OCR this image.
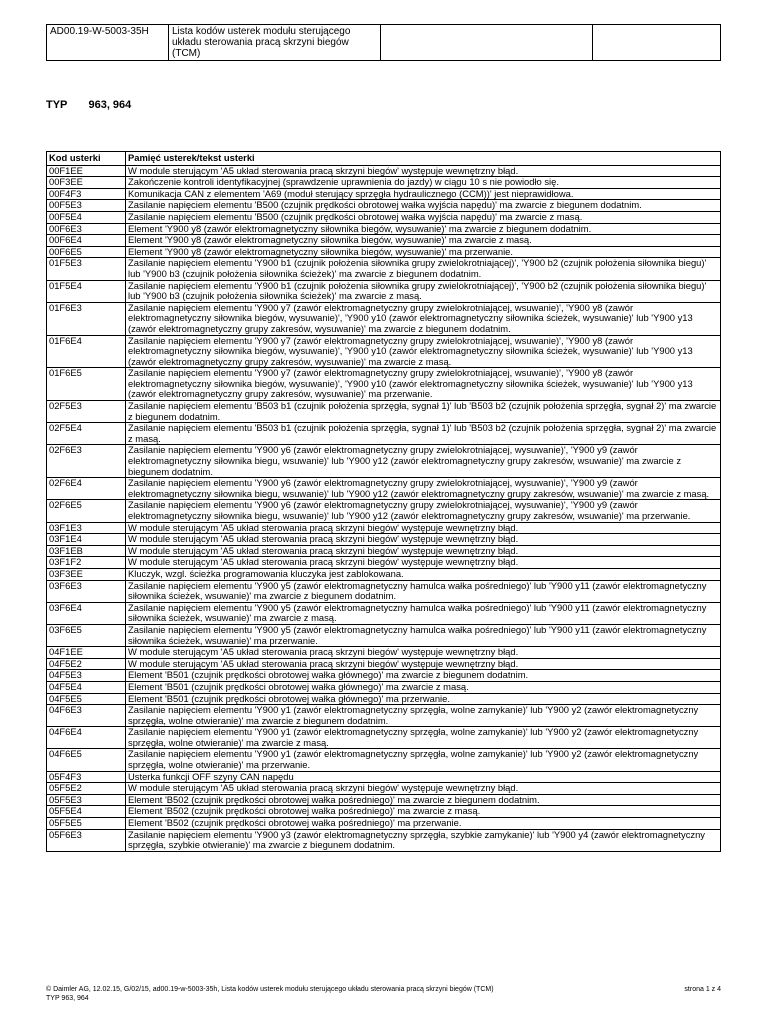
AD00.19-W-5003-35H	Lista kodów usterek modułu sterującego układu sterowania pracą skrzyni biegów (TCM)		
TYP 963, 964
Kod usterki	Pamięć usterek/tekst usterki
00F1EE	W module sterującym 'A5 układ sterowania pracą skrzyni biegów' występuje wewnętrzny błąd.
00F3EE	Zakończenie kontroli identyfikacyjnej (sprawdzenie uprawnienia do jazdy) w ciągu 10 s nie powiodło się.
00F4F3	Komunikacja CAN z elementem 'A69 (moduł sterujący sprzęgła hydraulicznego (CCM))' jest nieprawidłowa.
00F5E3	Zasilanie napięciem elementu 'B500 (czujnik prędkości obrotowej wałka wyjścia napędu)' ma zwarcie z biegunem dodatnim.
00F5E4	Zasilanie napięciem elementu 'B500 (czujnik prędkości obrotowej wałka wyjścia napędu)' ma zwarcie z masą.
00F6E3	Element 'Y900 y8 (zawór elektromagnetyczny siłownika biegów, wysuwanie)' ma zwarcie z biegunem dodatnim.
00F6E4	Element 'Y900 y8 (zawór elektromagnetyczny siłownika biegów, wysuwanie)' ma zwarcie z masą.
00F6E5	Element 'Y900 y8 (zawór elektromagnetyczny siłownika biegów, wysuwanie)' ma przerwanie.
01F5E3	Zasilanie napięciem elementu 'Y900 b1 (czujnik położenia siłownika grupy zwielokrotniającej)', 'Y900 b2 (czujnik położenia siłownika biegu)' lub 'Y900 b3 (czujnik położenia siłownika ścieżek)' ma zwarcie z biegunem dodatnim.
01F5E4	Zasilanie napięciem elementu 'Y900 b1 (czujnik położenia siłownika grupy zwielokrotniającej)', 'Y900 b2 (czujnik położenia siłownika biegu)' lub 'Y900 b3 (czujnik położenia siłownika ścieżek)' ma zwarcie z masą.
01F6E3	Zasilanie napięciem elementu 'Y900 y7 (zawór elektromagnetyczny grupy zwielokrotniającej, wsuwanie)', 'Y900 y8 (zawór elektromagnetyczny siłownika biegów, wysuwanie)', 'Y900 y10 (zawór elektromagnetyczny siłownika ścieżek, wysuwanie)' lub 'Y900 y13 (zawór elektromagnetyczny grupy zakresów, wysuwanie)' ma zwarcie z biegunem dodatnim.
01F6E4	Zasilanie napięciem elementu 'Y900 y7 (zawór elektromagnetyczny grupy zwielokrotniającej, wsuwanie)', 'Y900 y8 (zawór elektromagnetyczny siłownika biegów, wysuwanie)', 'Y900 y10 (zawór elektromagnetyczny siłownika ścieżek, wysuwanie)' lub 'Y900 y13 (zawór elektromagnetyczny grupy zakresów, wysuwanie)' ma zwarcie z masą.
01F6E5	Zasilanie napięciem elementu 'Y900 y7 (zawór elektromagnetyczny grupy zwielokrotniającej, wsuwanie)', 'Y900 y8 (zawór elektromagnetyczny siłownika biegów, wysuwanie)', 'Y900 y10 (zawór elektromagnetyczny siłownika ścieżek, wysuwanie)' lub 'Y900 y13 (zawór elektromagnetyczny grupy zakresów, wysuwanie)' ma przerwanie.
02F5E3	Zasilanie napięciem elementu 'B503 b1 (czujnik położenia sprzęgła, sygnał 1)' lub 'B503 b2 (czujnik położenia sprzęgła, sygnał 2)' ma zwarcie z biegunem dodatnim.
02F5E4	Zasilanie napięciem elementu 'B503 b1 (czujnik położenia sprzęgła, sygnał 1)' lub 'B503 b2 (czujnik położenia sprzęgła, sygnał 2)' ma zwarcie z masą.
02F6E3	Zasilanie napięciem elementu 'Y900 y6 (zawór elektromagnetyczny grupy zwielokrotniającej, wysuwanie)', 'Y900 y9 (zawór elektromagnetyczny siłownika biegu, wsuwanie)' lub 'Y900 y12 (zawór elektromagnetyczny grupy zakresów, wsuwanie)' ma zwarcie z biegunem dodatnim.
02F6E4	Zasilanie napięciem elementu 'Y900 y6 (zawór elektromagnetyczny grupy zwielokrotniającej, wysuwanie)', 'Y900 y9 (zawór elektromagnetyczny siłownika biegu, wsuwanie)' lub 'Y900 y12 (zawór elektromagnetyczny grupy zakresów, wsuwanie)' ma zwarcie z masą.
02F6E5	Zasilanie napięciem elementu 'Y900 y6 (zawór elektromagnetyczny grupy zwielokrotniającej, wysuwanie)', 'Y900 y9 (zawór elektromagnetyczny siłownika biegu, wsuwanie)' lub 'Y900 y12 (zawór elektromagnetyczny grupy zakresów, wsuwanie)' ma przerwanie.
03F1E3	W module sterującym 'A5 układ sterowania pracą skrzyni biegów' występuje wewnętrzny błąd.
03F1E4	W module sterującym 'A5 układ sterowania pracą skrzyni biegów' występuje wewnętrzny błąd.
03F1EB	W module sterującym 'A5 układ sterowania pracą skrzyni biegów' występuje wewnętrzny błąd.
03F1F2	W module sterującym 'A5 układ sterowania pracą skrzyni biegów' występuje wewnętrzny błąd.
03F3EE	Kluczyk, wzgl. ścieżka programowania kluczyka jest zablokowana.
03F6E3	Zasilanie napięciem elementu 'Y900 y5 (zawór elektromagnetyczny hamulca wałka pośredniego)' lub 'Y900 y11 (zawór elektromagnetyczny siłownika ścieżek, wsuwanie)' ma zwarcie z biegunem dodatnim.
03F6E4	Zasilanie napięciem elementu 'Y900 y5 (zawór elektromagnetyczny hamulca wałka pośredniego)' lub 'Y900 y11 (zawór elektromagnetyczny siłownika ścieżek, wsuwanie)' ma zwarcie z masą.
03F6E5	Zasilanie napięciem elementu 'Y900 y5 (zawór elektromagnetyczny hamulca wałka pośredniego)' lub 'Y900 y11 (zawór elektromagnetyczny siłownika ścieżek, wsuwanie)' ma przerwanie.
04F1EE	W module sterującym 'A5 układ sterowania pracą skrzyni biegów' występuje wewnętrzny błąd.
04F5E2	W module sterującym 'A5 układ sterowania pracą skrzyni biegów' występuje wewnętrzny błąd.
04F5E3	Element 'B501 (czujnik prędkości obrotowej wałka głównego)' ma zwarcie z biegunem dodatnim.
04F5E4	Element 'B501 (czujnik prędkości obrotowej wałka głównego)' ma zwarcie z masą.
04F5E5	Element 'B501 (czujnik prędkości obrotowej wałka głównego)' ma przerwanie.
04F6E3	Zasilanie napięciem elementu 'Y900 y1 (zawór elektromagnetyczny sprzęgła, wolne zamykanie)' lub 'Y900 y2 (zawór elektromagnetyczny sprzęgła, wolne otwieranie)' ma zwarcie z biegunem dodatnim.
04F6E4	Zasilanie napięciem elementu 'Y900 y1 (zawór elektromagnetyczny sprzęgła, wolne zamykanie)' lub 'Y900 y2 (zawór elektromagnetyczny sprzęgła, wolne otwieranie)' ma zwarcie z masą.
04F6E5	Zasilanie napięciem elementu 'Y900 y1 (zawór elektromagnetyczny sprzęgła, wolne zamykanie)' lub 'Y900 y2 (zawór elektromagnetyczny sprzęgła, wolne otwieranie)' ma przerwanie.
05F4F3	Usterka funkcji OFF szyny CAN napędu
05F5E2	W module sterującym 'A5 układ sterowania pracą skrzyni biegów' występuje wewnętrzny błąd.
05F5E3	Element 'B502 (czujnik prędkości obrotowej wałka pośredniego)' ma zwarcie z biegunem dodatnim.
05F5E4	Element 'B502 (czujnik prędkości obrotowej wałka pośredniego)' ma zwarcie z masą.
05F5E5	Element 'B502 (czujnik prędkości obrotowej wałka pośredniego)' ma przerwanie.
05F6E3	Zasilanie napięciem elementu 'Y900 y3 (zawór elektromagnetyczny sprzęgła, szybkie zamykanie)' lub 'Y900 y4 (zawór elektromagnetyczny sprzęgła, szybkie otwieranie)' ma zwarcie z biegunem dodatnim.
© Daimler AG, 12.02.15, G/02/15, ad00.19-w-5003-35h, Lista kodów usterek modułu sterującego układu sterowania pracą skrzyni biegów (TCM)
TYP 963, 964
strona 1 z 4
